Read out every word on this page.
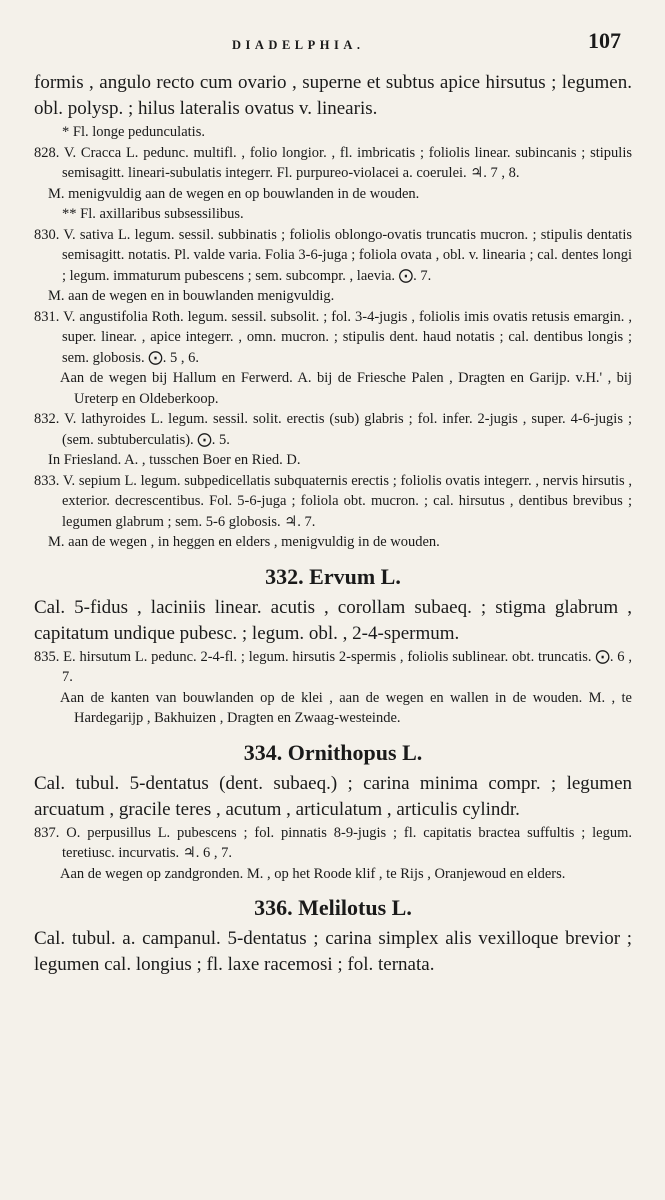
DIADELPHIA.	107

formis , angulo recto cum ovario , superne et subtus apice hirsutus ; legumen. obl. polysp. ; hilus lateralis ovatus v. linearis.

* Fl. longe pedunculatis.

828. V. Cracca L. pedunc. multifl. , folio longior. , fl. imbricatis ; foliolis linear. subincanis ; stipulis semisagitt. lineari-subulatis integerr. Fl. purpureo-violacei a. coerulei. ♃. 7 , 8.

M. menigvuldig aan de wegen en op bouwlanden in de wouden.

** Fl. axillaribus subsessilibus.

830. V. sativa L. legum. sessil. subbinatis ; foliolis oblongo-ovatis truncatis mucron. ; stipulis dentatis semisagitt. notatis. Pl. valde varia. Folia 3-6-juga ; foliola ovata , obl. v. linearia ; cal. dentes longi ; legum. immaturum pubescens ; sem. subcompr. , laevia. ⨀. 7.

M. aan de wegen en in bouwlanden menigvuldig.

831. V. angustifolia Roth. legum. sessil. subsolit. ; fol. 3-4-jugis , foliolis imis ovatis retusis emargin. , super. linear. , apice integerr. , omn. mucron. ; stipulis dent. haud notatis ; cal. dentibus longis ; sem. globosis. ⨀. 5 , 6.

Aan de wegen bij Hallum en Ferwerd. A. bij de Friesche Palen , Dragten en Garijp. v.H.' , bij Ureterp en Oldeberkoop.

832. V. lathyroides L. legum. sessil. solit. erectis (sub) glabris ; fol. infer. 2-jugis , super. 4-6-jugis ; (sem. subtuberculatis). ⨀. 5.

In Friesland. A. , tusschen Boer en Ried. D.

833. V. sepium L. legum. subpedicellatis subquaternis erectis ; foliolis ovatis integerr. , nervis hirsutis , exterior. decrescentibus. Fol. 5-6-juga ; foliola obt. mucron. ; cal. hirsutus , dentibus brevibus ; legumen glabrum ; sem. 5-6 globosis. ♃. 7.

M. aan de wegen , in heggen en elders , menigvuldig in de wouden.

332. Ervum L.

Cal. 5-fidus , laciniis linear. acutis , corollam subaeq. ; stigma glabrum , capitatum undique pubesc. ; legum. obl. , 2-4-spermum.

835. E. hirsutum L. pedunc. 2-4-fl. ; legum. hirsutis 2-spermis , foliolis sublinear. obt. truncatis. ⨀. 6 , 7.

Aan de kanten van bouwlanden op de klei , aan de wegen en wallen in de wouden. M. , te Hardegarijp , Bakhuizen , Dragten en Zwaag-westeinde.

334. Ornithopus L.

Cal. tubul. 5-dentatus (dent. subaeq.) ; carina minima compr. ; legumen arcuatum , gracile teres , acutum , articulatum , articulis cylindr.

837. O. perpusillus L. pubescens ; fol. pinnatis 8-9-jugis ; fl. capitatis bractea suffultis ; legum. teretiusc. incurvatis. ♃. 6 , 7.

Aan de wegen op zandgronden. M. , op het Roode klif , te Rijs , Oranjewoud en elders.

336. Melilotus L.

Cal. tubul. a. campanul. 5-dentatus ; carina simplex alis vexilloque brevior ; legumen cal. longius ; fl. laxe racemosi ; fol. ternata.
